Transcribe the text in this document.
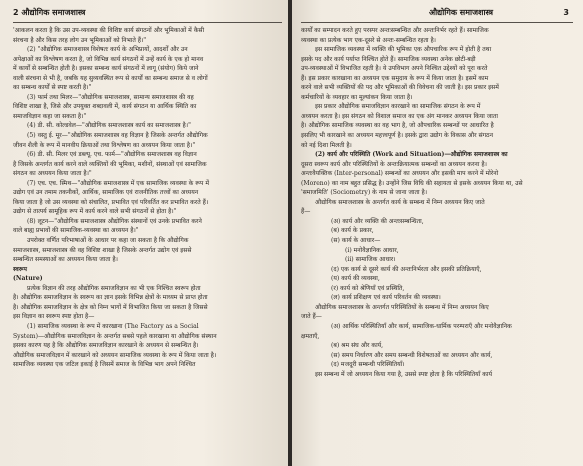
2 औद्योगिक समाजशास्त्र
'आकलन करता है कि उस उप-व्यवस्था की विशिष्ट कार्य संगठनों और भूमिकाओं में कैसी
संरचना है और किस तरह लोग उन भूमिकाओं को निभाते हैं।"
(2) "औद्योगिक समाजशास्त्र विशेषतः कार्य के अभिप्रायों, आदर्शों और उन
अपेक्षाओं का विश्लेषण करता है, जो विभिन्न कार्य संगठनों में उन्हें कार्य के एक हो मानव
में कार्यों से सम्बन्धित होती है। इसका सम्बन्ध कार्य संगठनों में लागू (संयोग) किये जाने
वाली संरचना से भी है, जबकि यह सुव्यवस्थित रूप से कार्यों का सम्बन्ध समाज से व लोगों
का सम्बन्ध कार्यों से स्पष्ट करती है।"
(3) फार्म तथा मिलर—"औद्योगिक समाजशास्त्र, सामान्य समाजशास्त्र की वह
विशिष्ट शाखा है, जिसे और उपयुक्त शब्दावली में, कार्य संगठन या आर्थिक स्थिति का
समाजविज्ञान कहा जा सकता है।"
(4) डी. सी. कोल्डवेल—"औद्योगिक समाजशास्त्र कार्य का समाजशास्त्र है।"
(5) वस्तु ई. मूर—"औद्योगिक समाजशास्त्र वह विज्ञान है जिसके अन्तर्गत औद्योगिक
जीवन शैली के रूप में मानवीय क्रियाओं तथा विश्लेषण का अध्ययन किया जाता है।"
(6) डी. सी. मिलर एवं डब्ल्यू. एच. फार्म—"औद्योगिक समाजशास्त्र वह विज्ञान
है जिसके अन्तर्गत कार्य करने वाले व्यक्तियों की भूमिका, मशीनों, संस्थाओं एवं सामाजिक
संगठन का अध्ययन किया जाता है।"
(7) एच. एच. स्मिथ—"औद्योगिक समाजशास्त्र में एक सामाजिक व्यवस्था के रूप में
उद्योग एवं उन तमाम तकनीकों, आर्थिक, सामाजिक एवं राजनीतिक तत्त्वों का अध्ययन
किया जाता है जो उस व्यवस्था को संचालित, प्रभावित एवं परिवर्तित कर प्रभावित करते हैं।
उद्योग से तात्पर्य सामूहिक रूप में कार्य करने वाले सभी संगठनों से होता है।"
(8) लूटन—"औद्योगिक समाजशास्त्र औद्योगिक संस्थानों एवं उनके प्रभावित करने
वाले बाह्य प्रभावों की सामाजिक-व्यवस्था का अध्ययन है।"
उपरोक्त वर्णित परिभाषाओं के आधार पर कहा जा सकता है कि औद्योगिक
समाजशास्त्र, समाजशास्त्र की वह विशिष्ट शाखा है जिसके अन्तर्गत उद्योग एवं इससे
सम्बन्धित समस्याओं का अध्ययन किया जाता है।
स्वरूप
(Nature)
प्रत्येक विज्ञान की तरह औद्योगिक समाजविज्ञान का भी एक निश्चित स्वरूप होता
है। औद्योगिक समाजविज्ञान के स्वरूप का ज्ञान इसके विभिन्न क्षेत्रों के माध्यम से प्राप्त होता
है। औद्योगिक समाजविज्ञान के क्षेत्र को निम्न भागों में विभाजित किया जा सकता है जिससे
इस विज्ञान का स्वरूप स्पष्ट होता है—
(1) सामाजिक व्यवस्था के रूप में कारखाना (The Factory as a Social
System)—औद्योगिक समाजविज्ञान के अन्तर्गत सबसे पहले कारखाना या औद्योगिक संस्थान
इसका कारण यह है कि औद्योगिक समाजविज्ञान कारखाने के अध्ययन से सम्बन्धित है।
औद्योगिक समाजविज्ञान में कारखाने को अध्ययन सामाजिक व्यवस्था के रूप में किया जाता है।
सामाजिक व्यवस्था एक जटिल इकाई है जिसमें समाज के विभिन्न भाग अपने निश्चित
औद्योगिक समाजशास्त्र	3
कार्यों का सम्पादन करते हुए परस्पर अन्तःसम्बन्धित और अन्तःनिर्भर रहते हैं। सामाजिक
व्यवस्था का प्रत्येक भाग एक-दूसरे से अन्तः-सम्बन्धित रहता है।
इस सामाजिक व्यवस्था में व्यक्ति की भूमिका एक औपचारिक रूप में होती है तथा
इसके पद और कार्य पर्याप्त निश्चित होते हैं। सामाजिक व्यवस्था अनेक छोटी-बड़ी
उप-व्यवस्थाओं में विभाजित रहती है। ये उपविभाग अपने निश्चित उद्देश्यों को पूरा करते
हैं। इस प्रकार कारखाना का अध्ययन एक समुदाय के रूप में किया जाता है। इसमें काम
करने वाले सभी व्यक्तियों की पद और भूमिकाओं की विवेचना की जाती है। इस प्रकार इसमें
कर्मचारियों के व्यवहार का मूल्यांकन किया जाता है।
इस प्रकार औद्योगिक समाजविज्ञान कारखाने का सामाजिक संगठन के रूप में
अध्ययन करता है। इस संगठन को विशाल समाज का एक अंग मानकर अध्ययन किया जाता
है। औद्योगिक सामाजिक व्यवस्था का वह भाग है, जो औपचारिक सम्बन्धों पर आधारित है
इसलिए भी कारखाने का अध्ययन महत्त्वपूर्ण है। इसके द्वारा उद्योग के विकास और संगठन
को नई दिशा मिलती है।
(2) कार्य और परिस्थिति (Work and Situation)—औद्योगिक समाजशास्त्र का
दूसरा स्वरूप कार्य और परिस्थितियों के अन्तःक्रियात्मक सम्बन्धों का अध्ययन करना है।
अन्तःवैयक्तिक (Inter-personal) सम्बन्धों का अध्ययन और इसकी माप करने में मोरेनो
(Moreno) का नाम बहुत प्रसिद्ध है। उन्होंने जिस विधि की सहायता से इसके अध्ययन किया था, उसे
'समाजमिति' (Sociometry) के नाम से जाना जाता है।
औद्योगिक समाजशास्त्र के अन्तर्गत कार्य के सम्बन्ध में निम्न अध्ययन किए जाते
हैं—
(अ) कार्य और व्यक्ति की अन्तःसम्बन्धिता,
(ब) कार्य के प्रकार,
(स) कार्य के आधार—
(i) मनोवैज्ञानिक आधार,
(ii) सामाजिक आधार।
(द) एक कार्य से दूसरे कार्य की अन्तःनिर्भरता और इसकी प्रतिक्रियाएँ,
(य) कार्य की व्यवस्था,
(र) कार्य को श्रेणियाँ एवं प्रस्थिति,
(ल) कार्य प्रशिक्षण एवं कार्य परिवर्तन की व्यवस्था।
औद्योगिक समाजशास्त्र के अन्तर्गत परिस्थितियों के सम्बन्ध में निम्न अध्ययन किए
जाते हैं—
(अ) आर्थिक परिस्थितियाँ और कार्य, सामाजिक-धार्मिक परम्पराएँ और मनोवैज्ञानिक
क्षमताएँ,
(ब) श्रम संघ और कार्य,
(स) समय निर्धारण और समय सम्बन्धी विशेषताओं का अध्ययन और कार्य,
(द) मजदूरी सम्बन्धी परिस्थितियाँ।
इस सम्बन्ध में जो अध्ययन किया गया है, उससे स्पष्ट होता है कि परिस्थितियाँ कार्य
